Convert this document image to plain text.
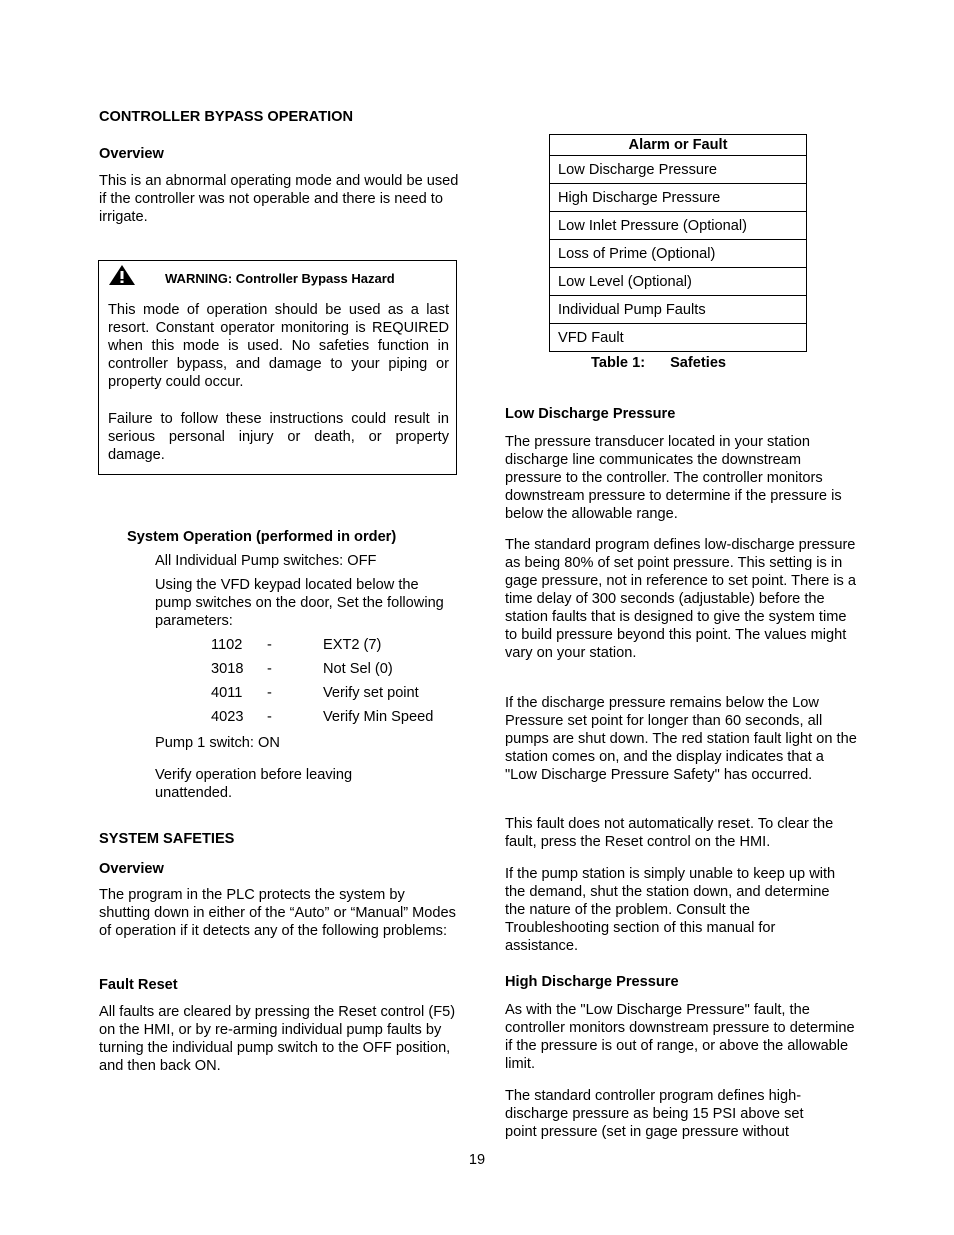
CONTROLLER BYPASS OPERATION
Overview

This is an abnormal operating mode and would be used if the controller was not operable and there is need to irrigate.

WARNING: Controller Bypass Hazard

This mode of operation should be used as a last resort. Constant operator monitoring is REQUIRED when this mode is used. No safeties function in controller bypass, and damage to your piping or property could occur.

Failure to follow these instructions could result in serious personal injury or death, or property damage.

System Operation (performed in order)

All Individual Pump switches: OFF

Using the VFD keypad located below the pump switches on the door, Set the following parameters:

1102 -	EXT2 (7)
3018 -	Not Sel (0)
4011 -	Verify set point
4023 -	Verify Min Speed

Pump 1 switch: ON

Verify operation before leaving unattended.

SYSTEM SAFETIES
Overview

The program in the PLC protects the system by shutting down in either of the “Auto” or “Manual” Modes of operation if it detects any of the following problems:

Fault Reset

All faults are cleared by pressing the Reset control (F5) on the HMI, or by re-arming individual pump faults by turning the individual pump switch to the OFF position, and then back ON.

Alarm or Fault
Low Discharge Pressure
High Discharge Pressure
Low Inlet Pressure (Optional)
Loss of Prime (Optional)
Low Level (Optional)
Individual Pump Faults
VFD Fault
Table 1: Safeties
Low Discharge Pressure

The pressure transducer located in your station discharge line communicates the downstream pressure to the controller. The controller monitors downstream pressure to determine if the pressure is below the allowable range.

The standard program defines low-discharge pressure as being 80% of set point pressure. This setting is in gage pressure, not in reference to set point. There is a time delay of 300 seconds (adjustable) before the station faults that is designed to give the system time to build pressure beyond this point. The values might vary on your station.

If the discharge pressure remains below the Low Pressure set point for longer than 60 seconds, all pumps are shut down. The red station fault light on the station comes on, and the display indicates that a "Low Discharge Pressure Safety" has occurred.

This fault does not automatically reset. To clear the fault, press the Reset control on the HMI.

If the pump station is simply unable to keep up with the demand, shut the station down, and determine the nature of the problem. Consult the Troubleshooting section of this manual for assistance.

High Discharge Pressure

As with the "Low Discharge Pressure" fault, the controller monitors downstream pressure to determine if the pressure is out of range, or above the allowable limit.

The standard controller program defines high-discharge pressure as being 15 PSI above set point pressure (set in gage pressure without

19
